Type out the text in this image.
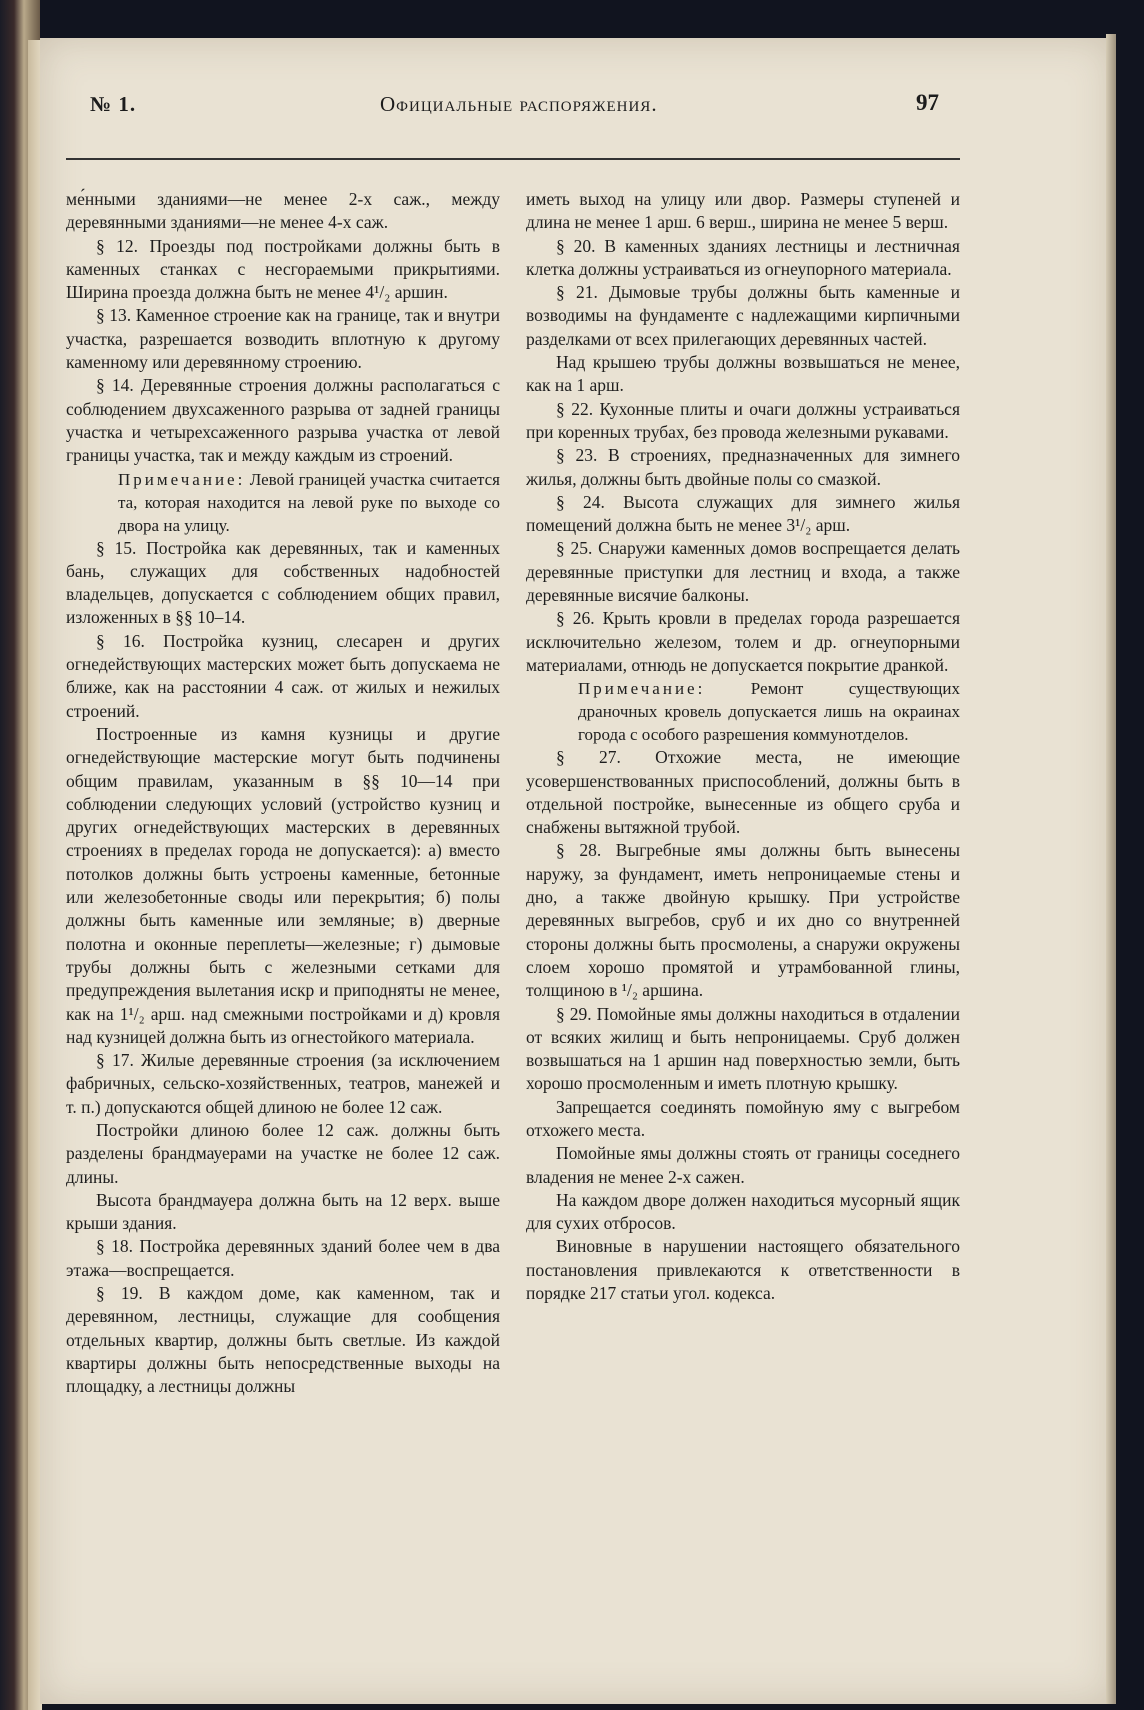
№ 1.	Официальные распоряжения.	97

ме́нными зданиями—не менее 2-х саж., между деревянными зданиями—не менее 4-х саж.

§ 12. Проезды под постройками должны быть в каменных станках с несгораемыми прикрытиями. Ширина проезда должна быть не менее 4¹/₂ аршин.

§ 13. Каменное строение как на границе, так и внутри участка, разрешается возводить вплотную к другому каменному или деревянному строению.

§ 14. Деревянные строения должны располагаться с соблюдением двухсаженного разрыва от задней границы участка и четырехсаженного разрыва участка от левой границы участка, так и между каждым из строений.

Примечание: Левой границей участка считается та, которая находится на левой руке по выходе со двора на улицу.

§ 15. Постройка как деревянных, так и каменных бань, служащих для собственных надобностей владельцев, допускается с соблюдением общих правил, изложенных в §§ 10–14.

§ 16. Постройка кузниц, слесарен и других огнедействующих мастерских может быть допускаема не ближе, как на расстоянии 4 саж. от жилых и нежилых строений.

Построенные из камня кузницы и другие огнедействующие мастерские могут быть подчинены общим правилам, указанным в §§ 10—14 при соблюдении следующих условий (устройство кузниц и других огнедействующих мастерских в деревянных строениях в пределах города не допускается): а) вместо потолков должны быть устроены каменные, бетонные или железобетонные своды или перекрытия; б) полы должны быть каменные или земляные; в) дверные полотна и оконные переплеты—железные; г) дымовые трубы должны быть с железными сетками для предупреждения вылетания искр и приподняты не менее, как на 1¹/₂ арш. над смежными постройками и д) кровля над кузницей должна быть из огнестойкого материала.

§ 17. Жилые деревянные строения (за исключением фабричных, сельско-хозяйственных, театров, манежей и т. п.) допускаются общей длиною не более 12 саж.

Постройки длиною более 12 саж. должны быть разделены брандмауерами на участке не более 12 саж. длины.

Высота брандмауера должна быть на 12 верх. выше крыши здания.

§ 18. Постройка деревянных зданий более чем в два этажа—воспрещается.

§ 19. В каждом доме, как каменном, так и деревянном, лестницы, служащие для сообщения отдельных квартир, должны быть светлые. Из каждой квартиры должны быть непосредственные выходы на площадку, а лестницы должны

иметь выход на улицу или двор. Размеры ступеней и длина не менее 1 арш. 6 верш., ширина не менее 5 верш.

§ 20. В каменных зданиях лестницы и лестничная клетка должны устраиваться из огнеупорного материала.

§ 21. Дымовые трубы должны быть каменные и возводимы на фундаменте с надлежащими кирпичными разделками от всех прилегающих деревянных частей.

Над крышею трубы должны возвышаться не менее, как на 1 арш.

§ 22. Кухонные плиты и очаги должны устраиваться при коренных трубах, без провода железными рукавами.

§ 23. В строениях, предназначенных для зимнего жилья, должны быть двойные полы со смазкой.

§ 24. Высота служащих для зимнего жилья помещений должна быть не менее 3¹/₂ арш.

§ 25. Снаружи каменных домов воспрещается делать деревянные приступки для лестниц и входа, а также деревянные висячие балконы.

§ 26. Крыть кровли в пределах города разрешается исключительно железом, толем и др. огнеупорными материалами, отнюдь не допускается покрытие дранкой.

Примечание: Ремонт существующих драночных кровель допускается лишь на окраинах города с особого разрешения коммунотделов.

§ 27. Отхожие места, не имеющие усовершенствованных приспособлений, должны быть в отдельной постройке, вынесенные из общего сруба и снабжены вытяжной трубой.

§ 28. Выгребные ямы должны быть вынесены наружу, за фундамент, иметь непроницаемые стены и дно, а также двойную крышку. При устройстве деревянных выгребов, сруб и их дно со внутренней стороны должны быть просмолены, а снаружи окружены слоем хорошо промятой и утрамбованной глины, толщиною в ¹/₂ аршина.

§ 29. Помойные ямы должны находиться в отдалении от всяких жилищ и быть непроницаемы. Сруб должен возвышаться на 1 аршин над поверхностью земли, быть хорошо просмоленным и иметь плотную крышку.

Запрещается соединять помойную яму с выгребом отхожего места.

Помойные ямы должны стоять от границы соседнего владения не менее 2-х сажен.

На каждом дворе должен находиться мусорный ящик для сухих отбросов.

Виновные в нарушении настоящего обязательного постановления привлекаются к ответственности в порядке 217 статьи угол. кодекса.
